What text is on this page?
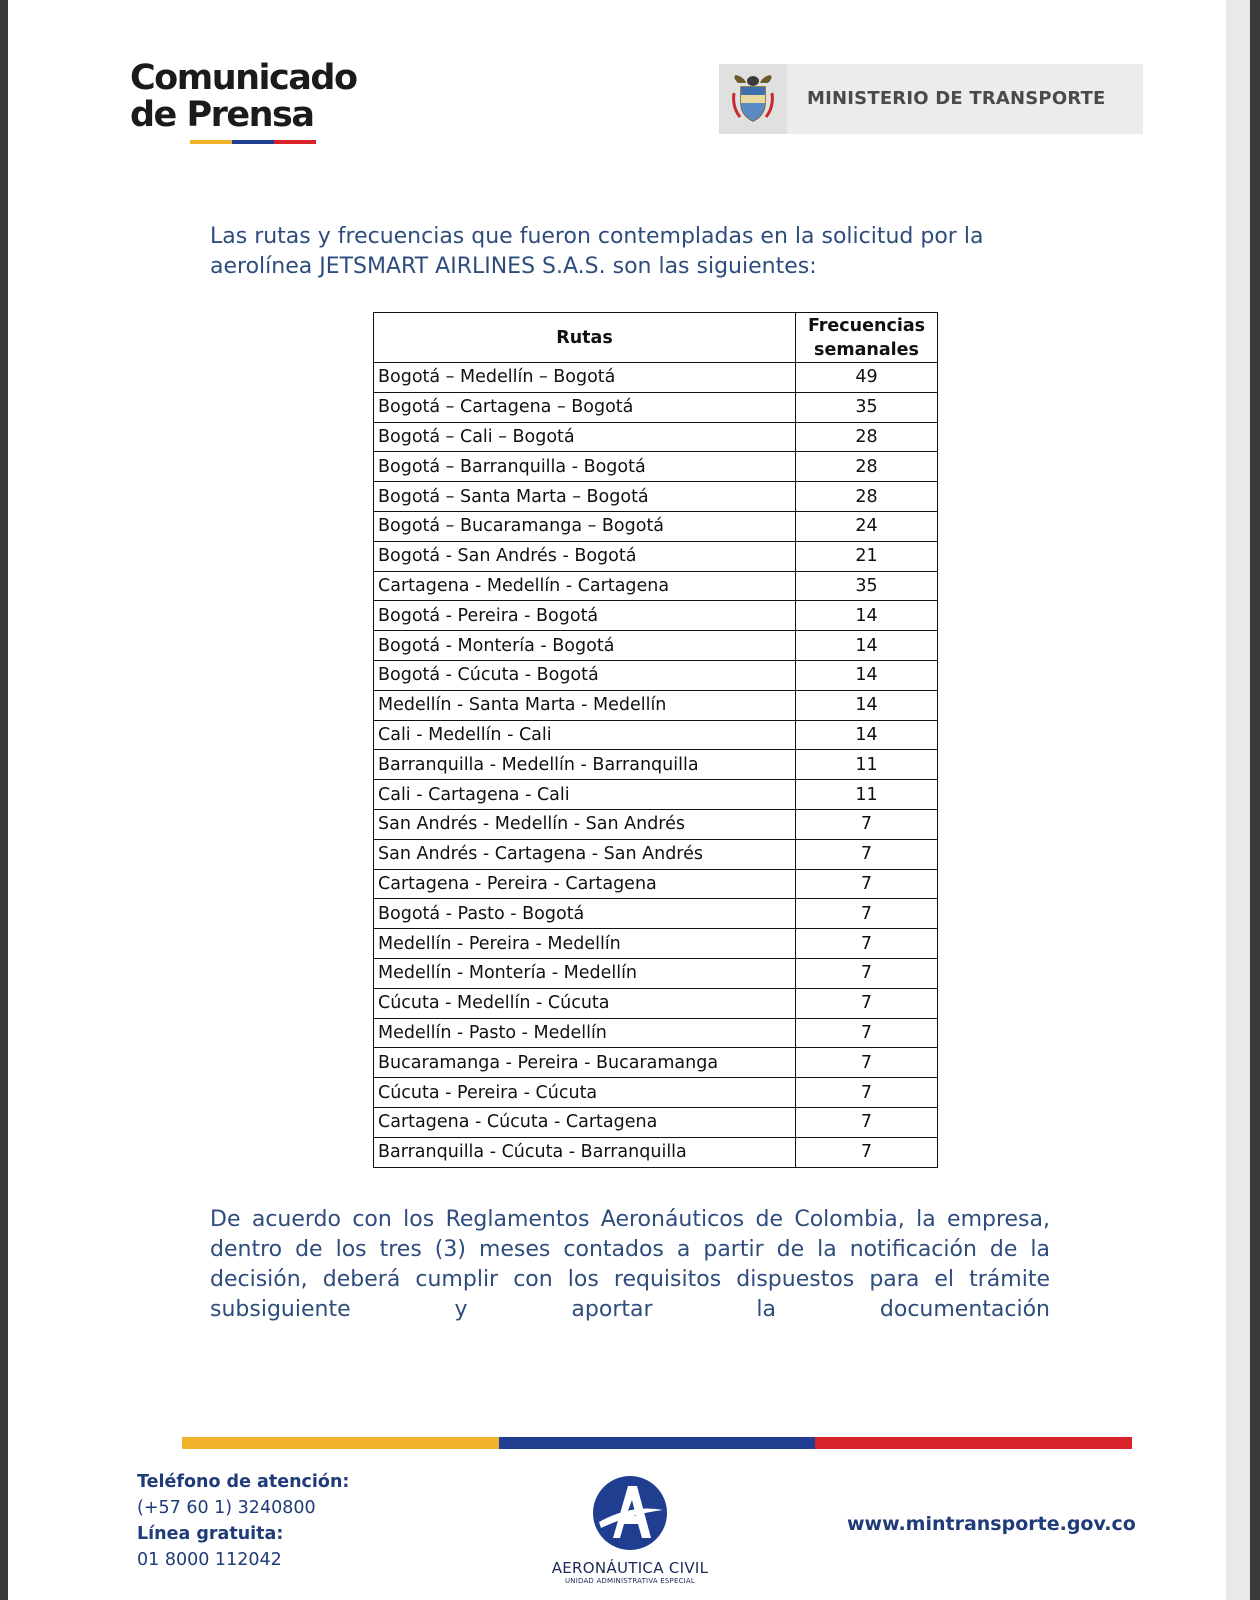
Comunicado
de Prensa	MINISTERIO DE TRANSPORTE

Las rutas y frecuencias que fueron contempladas en la solicitud por la aerolínea JETSMART AIRLINES S.A.S. son las siguientes:

Rutas	Frecuencias
semanales

Bogotá – Medellín – Bogotá	49
Bogotá – Cartagena – Bogotá	35
Bogotá – Cali – Bogotá	28
Bogotá – Barranquilla - Bogotá	28
Bogotá – Santa Marta – Bogotá	28
Bogotá – Bucaramanga – Bogotá	24
Bogotá - San Andrés - Bogotá	21
Cartagena - Medellín - Cartagena	35
Bogotá - Pereira - Bogotá	14
Bogotá - Montería - Bogotá	14
Bogotá - Cúcuta - Bogotá	14
Medellín - Santa Marta - Medellín	14
Cali - Medellín - Cali	14
Barranquilla - Medellín - Barranquilla	11
Cali - Cartagena - Cali	11
San Andrés - Medellín - San Andrés	7
San Andrés - Cartagena - San Andrés	7
Cartagena - Pereira - Cartagena	7
Bogotá - Pasto - Bogotá	7
Medellín - Pereira - Medellín	7
Medellín - Montería - Medellín	7
Cúcuta - Medellín - Cúcuta	7
Medellín - Pasto - Medellín	7
Bucaramanga - Pereira - Bucaramanga	7
Cúcuta - Pereira - Cúcuta	7
Cartagena - Cúcuta - Cartagena	7
Barranquilla - Cúcuta - Barranquilla	7

De acuerdo con los Reglamentos Aeronáuticos de Colombia, la empresa, dentro de los tres (3) meses contados a partir de la notificación de la decisión, deberá cumplir con los requisitos dispuestos para el trámite subsiguiente y aportar la documentación

Teléfono de atención:
(+57 60 1) 3240800
Línea gratuita:
01 8000 112042	AERONÁUTICA CIVIL
UNIDAD ADMINISTRATIVA ESPECIAL
www.mintransporte.gov.co
